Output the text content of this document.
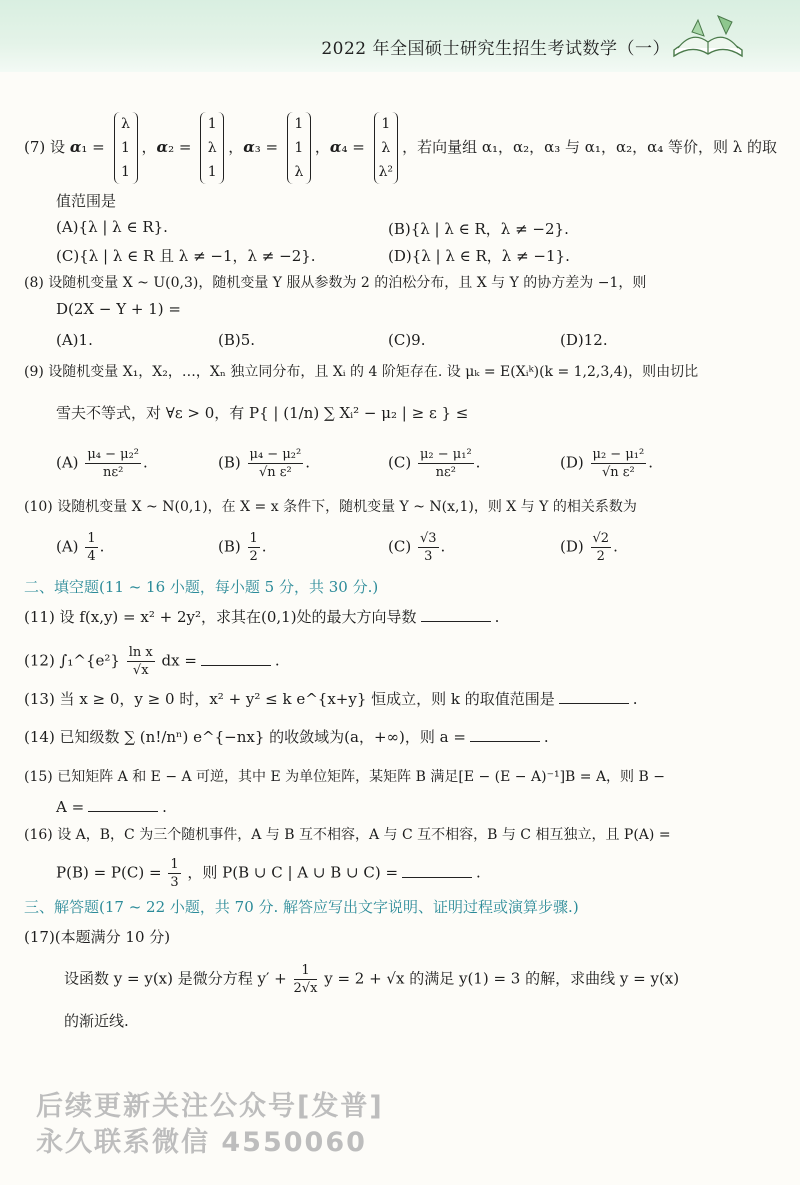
2022 年全国硕士研究生招生考试数学（一）
(7) 设 α₁ =
λ
1
1
，α₂ =
1
λ
1
，α₃ =
1
1
λ
，α₄ =
1
λ
λ²
，若向量组 α₁，α₂，α₃ 与 α₁，α₂，α₄ 等价，则 λ 的取
值范围是
(A){λ | λ ∈ R}.	(B){λ | λ ∈ R，λ ≠ −2}.
(C){λ | λ ∈ R 且 λ ≠ −1，λ ≠ −2}.	(D){λ | λ ∈ R，λ ≠ −1}.
(8) 设随机变量 X ~ U(0,3)，随机变量 Y 服从参数为 2 的泊松分布，且 X 与 Y 的协方差为 −1，则
D(2X − Y + 1) =
(A)1.	(B)5.	(C)9.	(D)12.
(9) 设随机变量 X₁，X₂，…，Xₙ 独立同分布，且 Xᵢ 的 4 阶矩存在. 设 μₖ = E(Xᵢᵏ)(k = 1,2,3,4)，则由切比
雪夫不等式，对 ∀ε > 0，有 P{ | (1/n) ∑ Xᵢ² − μ₂ | ≥ ε } ≤
$(A) \frac{\text{μ₄ − μ₂²}}{\text{nε²}}$ .	$(B) \frac{\text{μ₄ − μ₂²}}{\text{√n ε²}}$ .	$(C) \frac{\text{μ₂ − μ₁²}}{\text{nε²}}$ .	$(D) \frac{\text{μ₂ − μ₁²}}{\text{√n ε²}}$ .
(10) 设随机变量 X ~ N(0,1)，在 X = x 条件下，随机变量 Y ~ N(x,1)，则 X 与 Y 的相关系数为
$(A) \frac{1}{4}$ .	$(B) \frac{1}{2}$ .	$(C) \frac{√3}{3}$ .	$(D) \frac{√2}{2}$ .
二、填空题(11 ~ 16 小题，每小题 5 分，共 30 分.)
(11) 设 f(x,y) = x² + 2y²，求其在(0,1)处的最大方向导数	.
(12) ∫₁^{e²} $\frac{\text{ln x}}{√x}$ dx =	.
(13) 当 x ≥ 0，y ≥ 0 时，x² + y² ≤ k e^{x+y} 恒成立，则 k 的取值范围是	.
(14) 已知级数 ∑ (n!/nⁿ) e^{−nx} 的收敛域为(a，+∞)，则 a =	.
(15) 已知矩阵 A 和 E − A 可逆，其中 E 为单位矩阵，某矩阵 B 满足[E − (E − A)⁻¹]B = A，则 B −
A =	.
(16) 设 A，B，C 为三个随机事件，A 与 B 互不相容，A 与 C 互不相容，B 与 C 相互独立，且 P(A) =
$P(B) = P(C) = \frac{1}{3}$ ，则 P(B ∪ C | A ∪ B ∪ C) =	.
三、解答题(17 ~ 22 小题，共 70 分. 解答应写出文字说明、证明过程或演算步骤.)
(17)(本题满分 10 分)
设函数 y = y(x) 是微分方程 $y' + \frac{1}{2√x}$ y = 2 + √x 的满足 y(1) = 3 的解，求曲线 y = y(x)
的渐近线.
后续更新关注公众号[发普]
永久联系微信 4550060
